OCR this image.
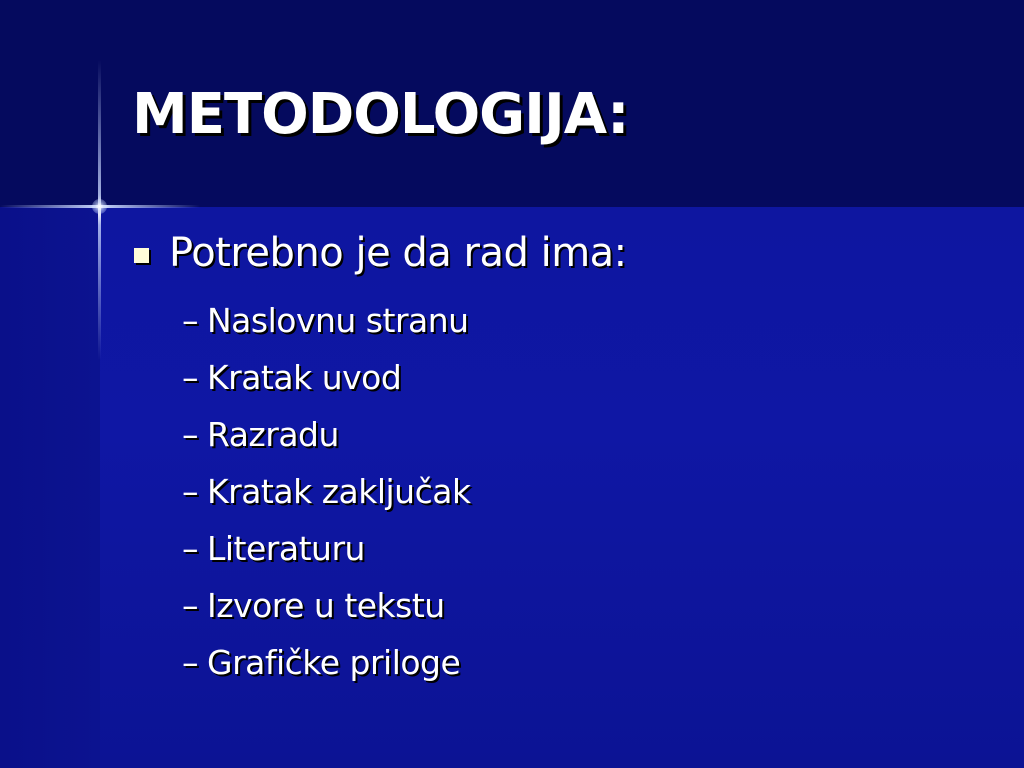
METODOLOGIJA:
Potrebno je da rad ima:
– Naslovnu stranu
– Kratak uvod
– Razradu
– Kratak zaključak
– Literaturu
– Izvore u tekstu
– Grafičke priloge
